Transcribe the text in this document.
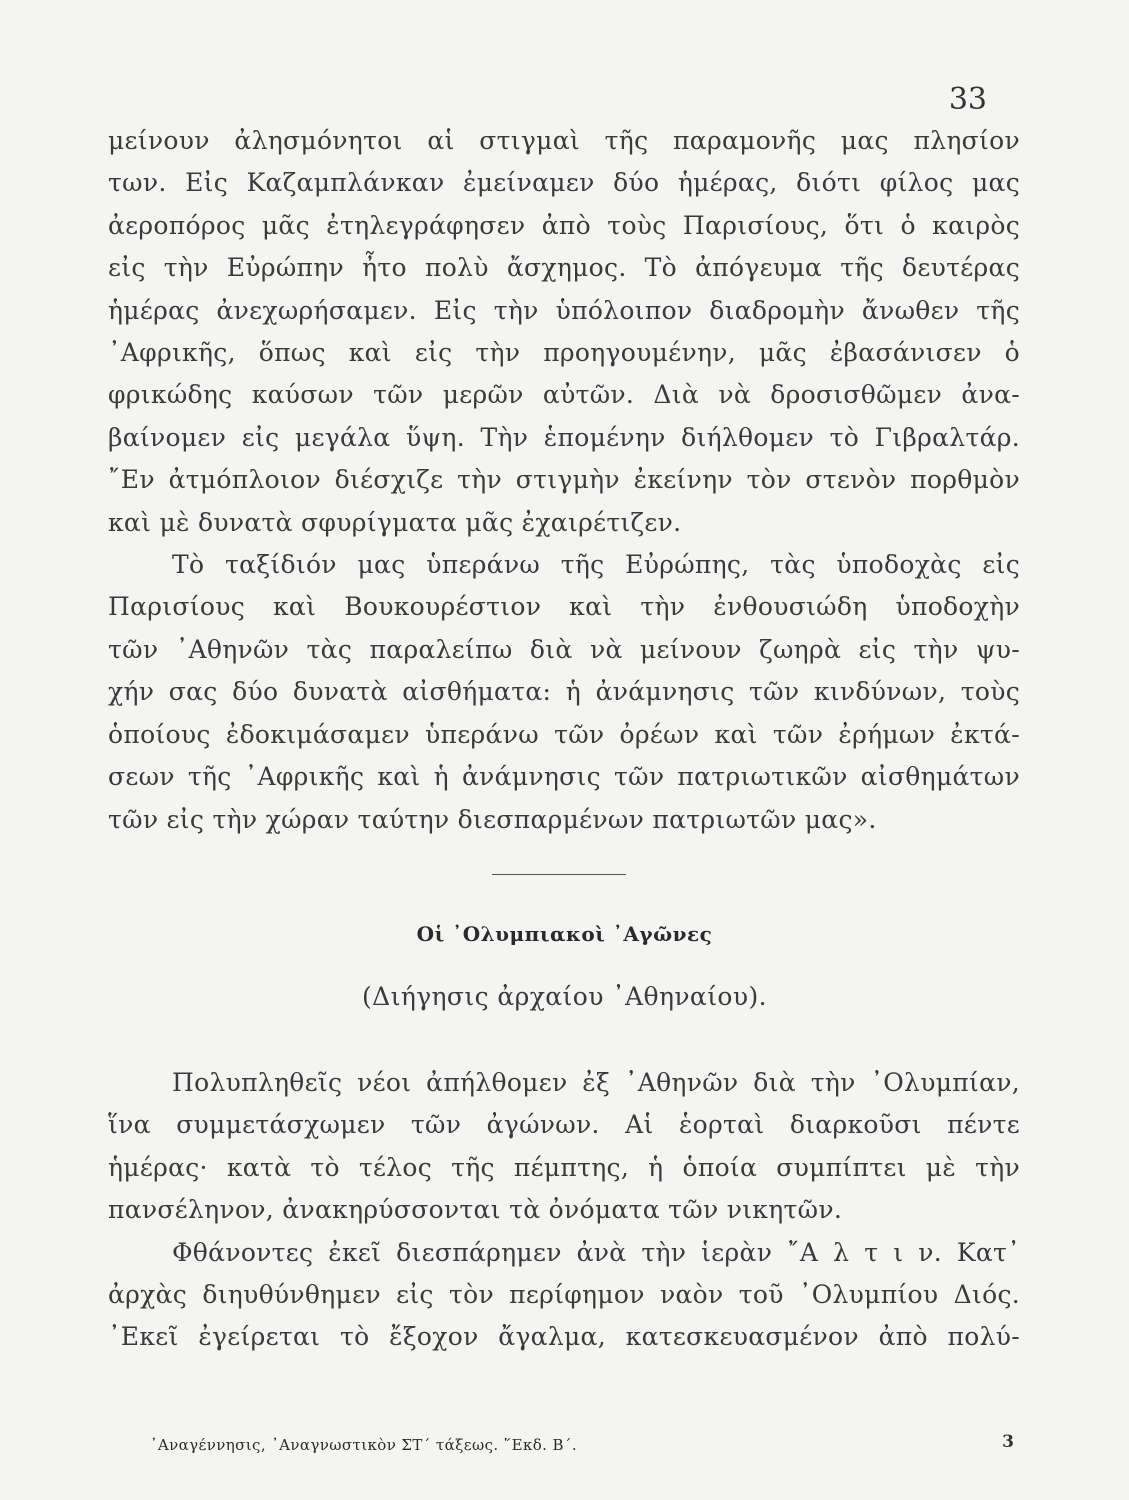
33
μείνουν ἀλησμόνητοι αἱ στιγμαὶ τῆς παραμονῆς μας πλησίον
των. Εἰς Καζαμπλάνκαν ἐμείναμεν δύο ἡμέρας, διότι φίλος μας
ἀεροπόρος μᾶς ἐτηλεγράφησεν ἀπὸ τοὺς Παρισίους, ὅτι ὁ καιρὸς
εἰς τὴν Εὐρώπην ἦτο πολὺ ἄσχημος. Τὸ ἀπόγευμα τῆς δευτέρας
ἡμέρας ἀνεχωρήσαμεν. Εἰς τὴν ὑπόλοιπον διαδρομὴν ἄνωθεν τῆς
᾿Αφρικῆς, ὅπως καὶ εἰς τὴν προηγουμένην, μᾶς ἐβασάνισεν ὁ
φρικώδης καύσων τῶν μερῶν αὐτῶν. Διὰ νὰ δροσισθῶμεν ἀνα-
βαίνομεν εἰς μεγάλα ὕψη. Τὴν ἑπομένην διήλθομεν τὸ Γιβραλτάρ.
῎Εν ἀτμόπλοιον διέσχιζε τὴν στιγμὴν ἐκείνην τὸν στενὸν πορθμὸν
καὶ μὲ δυνατὰ σφυρίγματα μᾶς ἐχαιρέτιζεν.
Τὸ ταξίδιόν μας ὑπεράνω τῆς Εὐρώπης, τὰς ὑποδοχὰς εἰς
Παρισίους καὶ Βουκουρέστιον καὶ τὴν ἐνθουσιώδη ὑποδοχὴν
τῶν ᾿Αθηνῶν τὰς παραλείπω διὰ νὰ μείνουν ζωηρὰ εἰς τὴν ψυ-
χήν σας δύο δυνατὰ αἰσθήματα: ἡ ἀνάμνησις τῶν κινδύνων, τοὺς
ὁποίους ἐδοκιμάσαμεν ὑπεράνω τῶν ὀρέων καὶ τῶν ἐρήμων ἐκτά-
σεων τῆς ᾿Αφρικῆς καὶ ἡ ἀνάμνησις τῶν πατριωτικῶν αἰσθημάτων
τῶν εἰς τὴν χώραν ταύτην διεσπαρμένων πατριωτῶν μας».
Οἱ ᾿Ολυμπιακοὶ ᾿Αγῶνες
(Διήγησις ἀρχαίου ᾿Αθηναίου).
Πολυπληθεῖς νέοι ἀπήλθομεν ἐξ ᾿Αθηνῶν διὰ τὴν ᾿Ολυμπίαν,
ἵνα συμμετάσχωμεν τῶν ἀγώνων. Αἱ ἑορταὶ διαρκοῦσι πέντε
ἡμέρας· κατὰ τὸ τέλος τῆς πέμπτης, ἡ ὁποία συμπίπτει μὲ τὴν
πανσέληνον, ἀνακηρύσσονται τὰ ὀνόματα τῶν νικητῶν.
Φθάνοντες ἐκεῖ διεσπάρημεν ἀνὰ τὴν ἱερὰν ῎Α λ τ ι ν. Κατ᾿
ἀρχὰς διηυθύνθημεν εἰς τὸν περίφημον ναὸν τοῦ ᾿Ολυμπίου Διός.
᾿Εκεῖ ἐγείρεται τὸ ἔξοχον ἄγαλμα, κατεσκευασμένον ἀπὸ πολύ-
᾿Αναγέννησις, ᾿Αναγνωστικὸν ΣΤ΄ τάξεως. ῞Εκδ. Β΄.	3
